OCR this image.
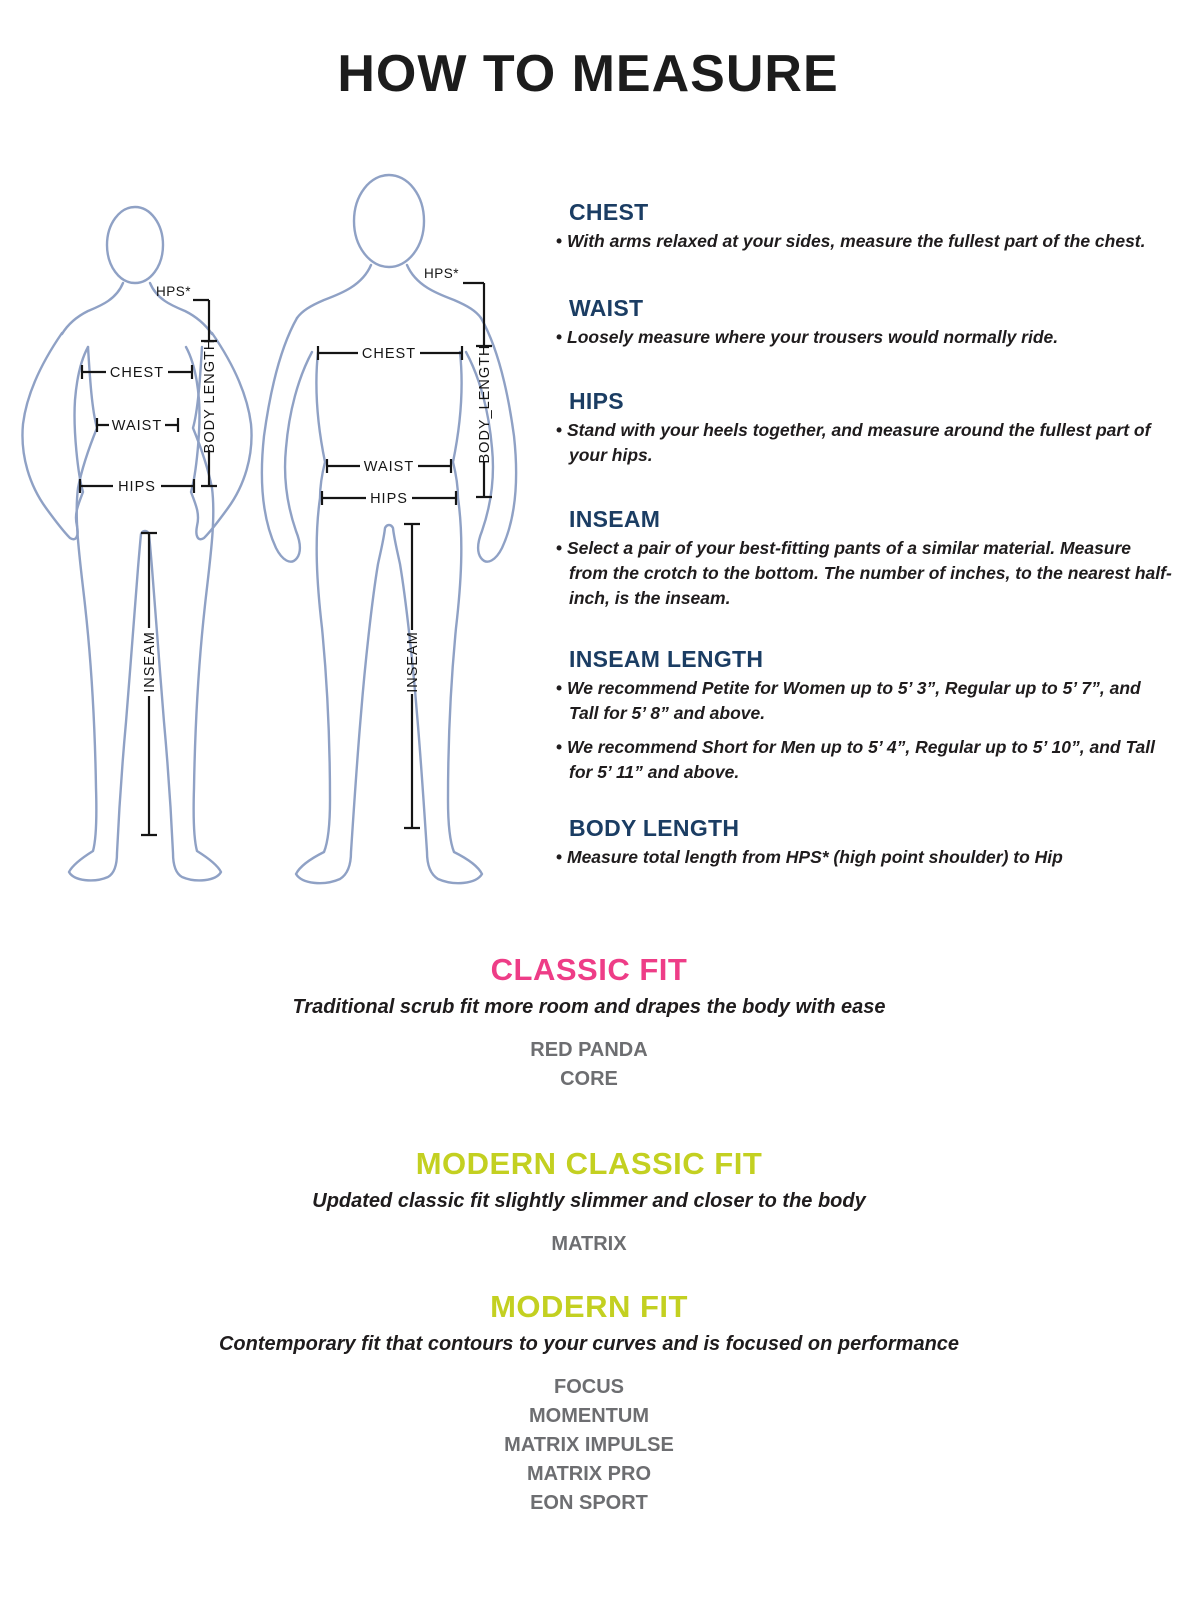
HOW TO MEASURE
CHEST
WAIST
HIPS
HPS*
BODY LENGTH
INSEAM
CHEST
WAIST
HIPS
HPS*
BODY_LENGTH
INSEAM
CHEST

• With arms relaxed at your sides, measure the fullest part of the chest.

WAIST

• Loosely measure where your trousers would normally ride.

HIPS

• Stand with your heels together, and measure around the fullest part of your hips.

INSEAM

• Select a pair of your best-fitting pants of a similar material. Measure from the crotch to the bottom. The number of inches, to the nearest half-inch, is the inseam.

INSEAM LENGTH

• We recommend Petite for Women up to 5’ 3”, Regular up to 5’ 7”, and Tall for 5’ 8” and above.

• We recommend Short for Men up to 5’ 4”, Regular up to 5’ 10”, and Tall for 5’ 11” and above.

BODY LENGTH

• Measure total length from HPS* (high point shoulder) to Hip

CLASSIC FIT

Traditional scrub fit more room and drapes the body with ease

RED PANDA
CORE
MODERN CLASSIC FIT

Updated classic fit slightly slimmer and closer to the body

MATRIX
MODERN FIT

Contemporary fit that contours to your curves and is focused on performance

FOCUS
MOMENTUM
MATRIX IMPULSE
MATRIX PRO
EON SPORT
